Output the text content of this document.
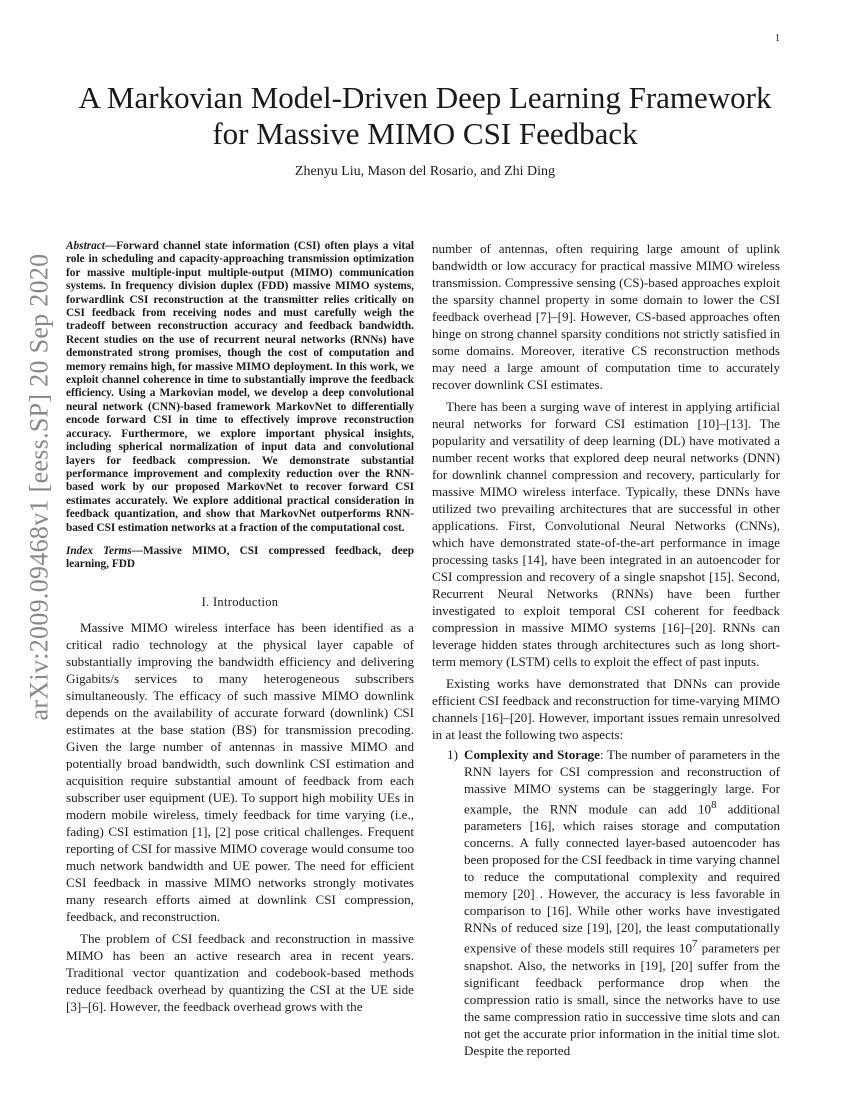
1
arXiv:2009.09468v1 [eess.SP] 20 Sep 2020
A Markovian Model-Driven Deep Learning Framework for Massive MIMO CSI Feedback
Zhenyu Liu, Mason del Rosario, and Zhi Ding

Abstract—Forward channel state information (CSI) often plays a vital role in scheduling and capacity-approaching transmission optimization for massive multiple-input multiple-output (MIMO) communication systems. In frequency division duplex (FDD) massive MIMO systems, forwardlink CSI reconstruction at the transmitter relies critically on CSI feedback from receiving nodes and must carefully weigh the tradeoff between reconstruction accuracy and feedback bandwidth. Recent studies on the use of recurrent neural networks (RNNs) have demonstrated strong promises, though the cost of computation and memory remains high, for massive MIMO deployment. In this work, we exploit channel coherence in time to substantially improve the feedback efficiency. Using a Markovian model, we develop a deep convolutional neural network (CNN)-based framework MarkovNet to differentially encode forward CSI in time to effectively improve reconstruction accuracy. Furthermore, we explore important physical insights, including spherical normalization of input data and convolutional layers for feedback compression. We demonstrate substantial performance improvement and complexity reduction over the RNN-based work by our proposed MarkovNet to recover forward CSI estimates accurately. We explore additional practical consideration in feedback quantization, and show that MarkovNet outperforms RNN-based CSI estimation networks at a fraction of the computational cost.

Index Terms—Massive MIMO, CSI compressed feedback, deep learning, FDD

I. Introduction

Massive MIMO wireless interface has been identified as a critical radio technology at the physical layer capable of substantially improving the bandwidth efficiency and delivering Gigabits/s services to many heterogeneous subscribers simultaneously. The efficacy of such massive MIMO downlink depends on the availability of accurate forward (downlink) CSI estimates at the base station (BS) for transmission precoding. Given the large number of antennas in massive MIMO and potentially broad bandwidth, such downlink CSI estimation and acquisition require substantial amount of feedback from each subscriber user equipment (UE). To support high mobility UEs in modern mobile wireless, timely feedback for time varying (i.e., fading) CSI estimation [1], [2] pose critical challenges. Frequent reporting of CSI for massive MIMO coverage would consume too much network bandwidth and UE power. The need for efficient CSI feedback in massive MIMO networks strongly motivates many research efforts aimed at downlink CSI compression, feedback, and reconstruction.

The problem of CSI feedback and reconstruction in massive MIMO has been an active research area in recent years. Traditional vector quantization and codebook-based methods reduce feedback overhead by quantizing the CSI at the UE side [3]–[6]. However, the feedback overhead grows with the

number of antennas, often requiring large amount of uplink bandwidth or low accuracy for practical massive MIMO wireless transmission. Compressive sensing (CS)-based approaches exploit the sparsity channel property in some domain to lower the CSI feedback overhead [7]–[9]. However, CS-based approaches often hinge on strong channel sparsity conditions not strictly satisfied in some domains. Moreover, iterative CS reconstruction methods may need a large amount of computation time to accurately recover downlink CSI estimates.

There has been a surging wave of interest in applying artificial neural networks for forward CSI estimation [10]–[13]. The popularity and versatility of deep learning (DL) have motivated a number recent works that explored deep neural networks (DNN) for downlink channel compression and recovery, particularly for massive MIMO wireless interface. Typically, these DNNs have utilized two prevailing architectures that are successful in other applications. First, Convolutional Neural Networks (CNNs), which have demonstrated state-of-the-art performance in image processing tasks [14], have been integrated in an autoencoder for CSI compression and recovery of a single snapshot [15]. Second, Recurrent Neural Networks (RNNs) have been further investigated to exploit temporal CSI coherent for feedback compression in massive MIMO systems [16]–[20]. RNNs can leverage hidden states through architectures such as long short-term memory (LSTM) cells to exploit the effect of past inputs.

Existing works have demonstrated that DNNs can provide efficient CSI feedback and reconstruction for time-varying MIMO channels [16]–[20]. However, important issues remain unresolved in at least the following two aspects:

1) Complexity and Storage: The number of parameters in the RNN layers for CSI compression and reconstruction of massive MIMO systems can be staggeringly large. For example, the RNN module can add $10^8$ additional parameters [16], which raises storage and computation concerns. A fully connected layer-based autoencoder has been proposed for the CSI feedback in time varying channel to reduce the computational complexity and required memory [20] . However, the accuracy is less favorable in comparison to [16]. While other works have investigated RNNs of reduced size [19], [20], the least computationally expensive of these models still requires $10^7$ parameters per snapshot. Also, the networks in [19], [20] suffer from the significant feedback performance drop when the compression ratio is small, since the networks have to use the same compression ratio in successive time slots and can not get the accurate prior information in the initial time slot. Despite the reported
